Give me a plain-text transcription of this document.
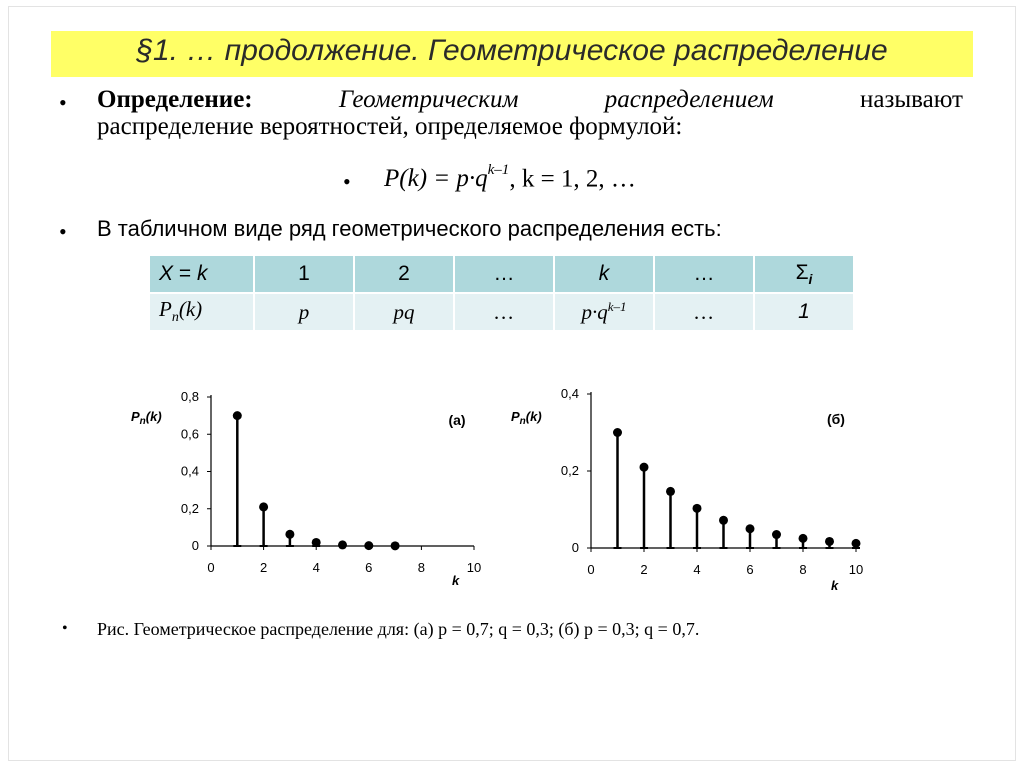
§1. … продолжение. Геометрическое распределение
• Определение:	Геометрическим	распределением	называют
распределение вероятностей, определяемое формулой:
• $P(k) = p\cdot q^{k-1}$, k = 1, 2, …
• В табличном виде ряд геометрического распределения есть:
X = k	1	2	…	k	…	$\Sigma_i$
$P_n(k)$	p	pq	…	$p\cdot q^{k-1}$	…	1
0
0,2
0,4
0,6
0,8
0	2	4	6	8	10
(а)
$P_n(k)$
k
0
0,2
0,4
0	2	4	6	8	10
(б)
$P_n(k)$
k
• Рис. Геометрическое распределение для: (а) p = 0,7; q = 0,3; (б) p = 0,3; q = 0,7.
